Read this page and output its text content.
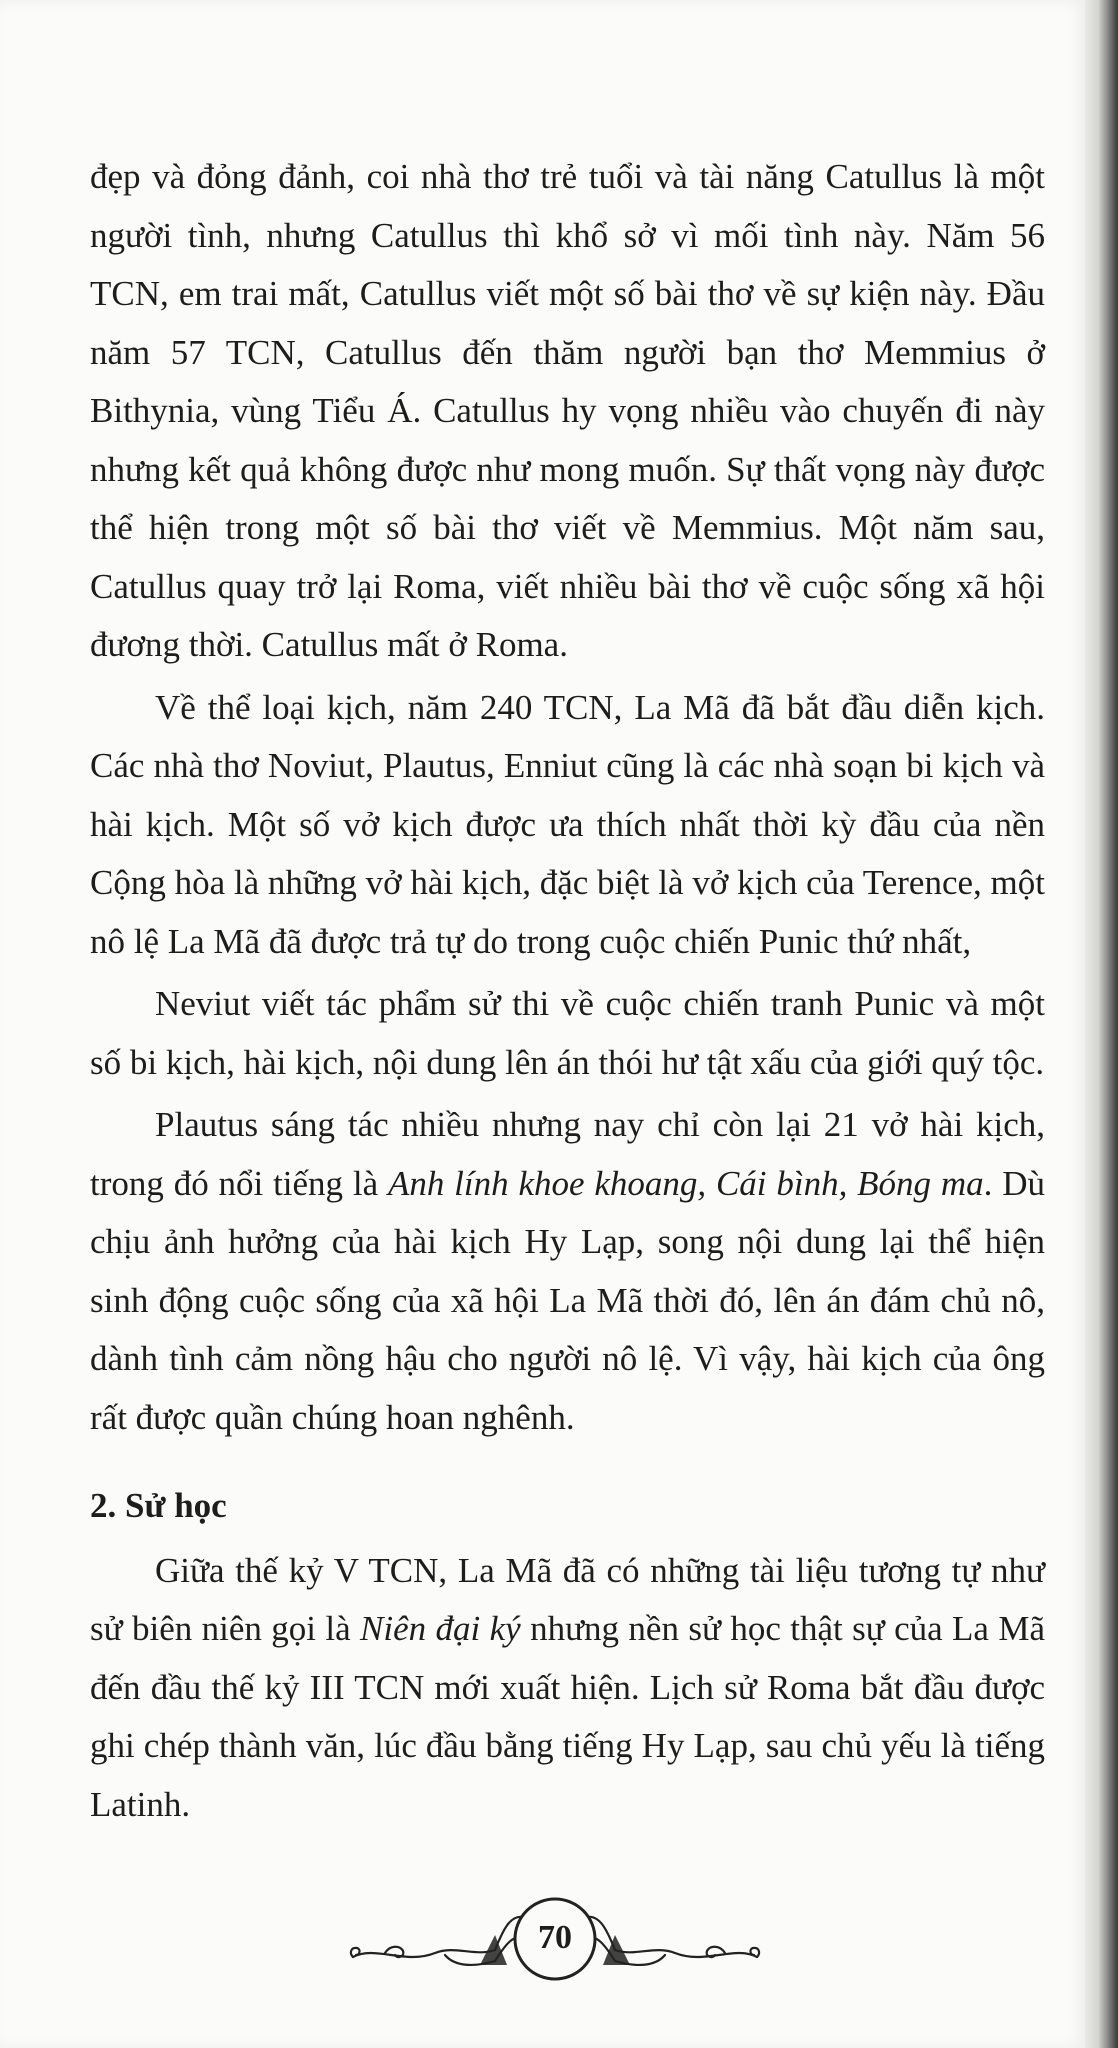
đẹp và đỏng đảnh, coi nhà thơ trẻ tuổi và tài năng Catullus là một người tình, nhưng Catullus thì khổ sở vì mối tình này. Năm 56 TCN, em trai mất, Catullus viết một số bài thơ về sự kiện này. Đầu năm 57 TCN, Catullus đến thăm người bạn thơ Memmius ở Bithynia, vùng Tiểu Á. Catullus hy vọng nhiều vào chuyến đi này nhưng kết quả không được như mong muốn. Sự thất vọng này được thể hiện trong một số bài thơ viết về Memmius. Một năm sau, Catullus quay trở lại Roma, viết nhiều bài thơ về cuộc sống xã hội đương thời. Catullus mất ở Roma.

Về thể loại kịch, năm 240 TCN, La Mã đã bắt đầu diễn kịch. Các nhà thơ Noviut, Plautus, Enniut cũng là các nhà soạn bi kịch và hài kịch. Một số vở kịch được ưa thích nhất thời kỳ đầu của nền Cộng hòa là những vở hài kịch, đặc biệt là vở kịch của Terence, một nô lệ La Mã đã được trả tự do trong cuộc chiến Punic thứ nhất,

Neviut viết tác phẩm sử thi về cuộc chiến tranh Punic và một số bi kịch, hài kịch, nội dung lên án thói hư tật xấu của giới quý tộc.

Plautus sáng tác nhiều nhưng nay chỉ còn lại 21 vở hài kịch, trong đó nổi tiếng là Anh lính khoe khoang, Cái bình, Bóng ma. Dù chịu ảnh hưởng của hài kịch Hy Lạp, song nội dung lại thể hiện sinh động cuộc sống của xã hội La Mã thời đó, lên án đám chủ nô, dành tình cảm nồng hậu cho người nô lệ. Vì vậy, hài kịch của ông rất được quần chúng hoan nghênh.

2. Sử học

Giữa thế kỷ V TCN, La Mã đã có những tài liệu tương tự như sử biên niên gọi là Niên đại ký nhưng nền sử học thật sự của La Mã đến đầu thế kỷ III TCN mới xuất hiện. Lịch sử Roma bắt đầu được ghi chép thành văn, lúc đầu bằng tiếng Hy Lạp, sau chủ yếu là tiếng Latinh.

70
